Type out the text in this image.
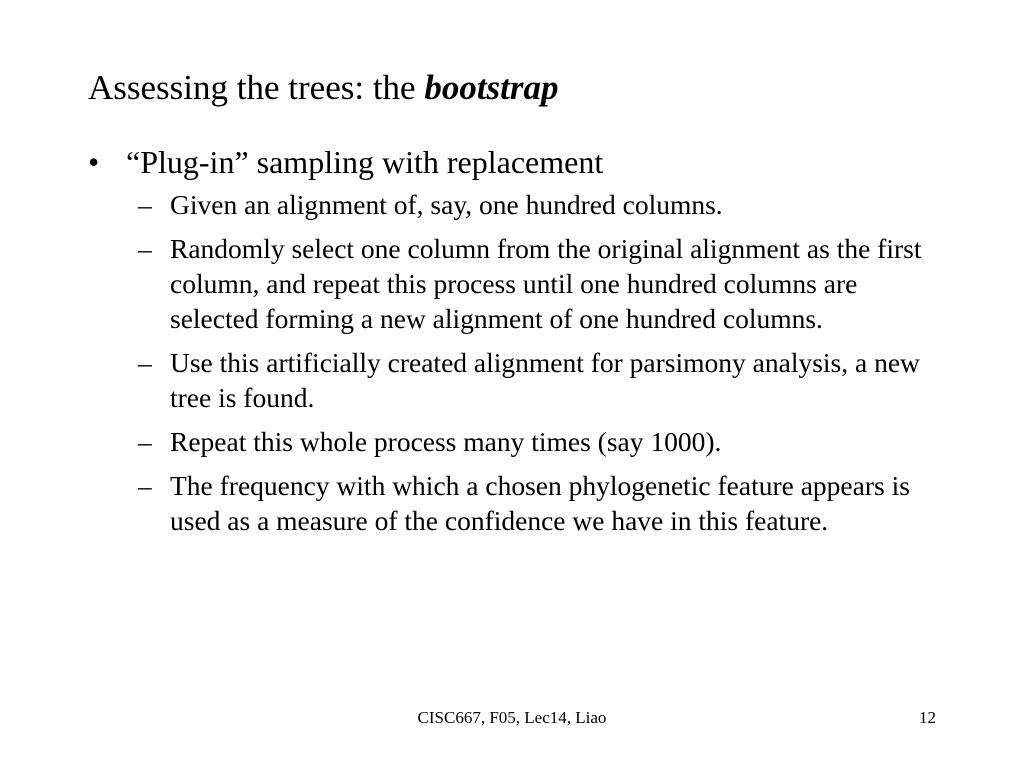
Assessing the trees: the bootstrap
• “Plug-in” sampling with replacement
– Given an alignment of, say, one hundred columns.
– Randomly select one column from the original alignment as the first column, and repeat this process until one hundred columns are selected forming a new alignment of one hundred columns.
– Use this artificially created alignment for parsimony analysis, a new tree is found.
– Repeat this whole process many times (say 1000).
– The frequency with which a chosen phylogenetic feature appears is used as a measure of the confidence we have in this feature.
CISC667, F05, Lec14, Liao	12
